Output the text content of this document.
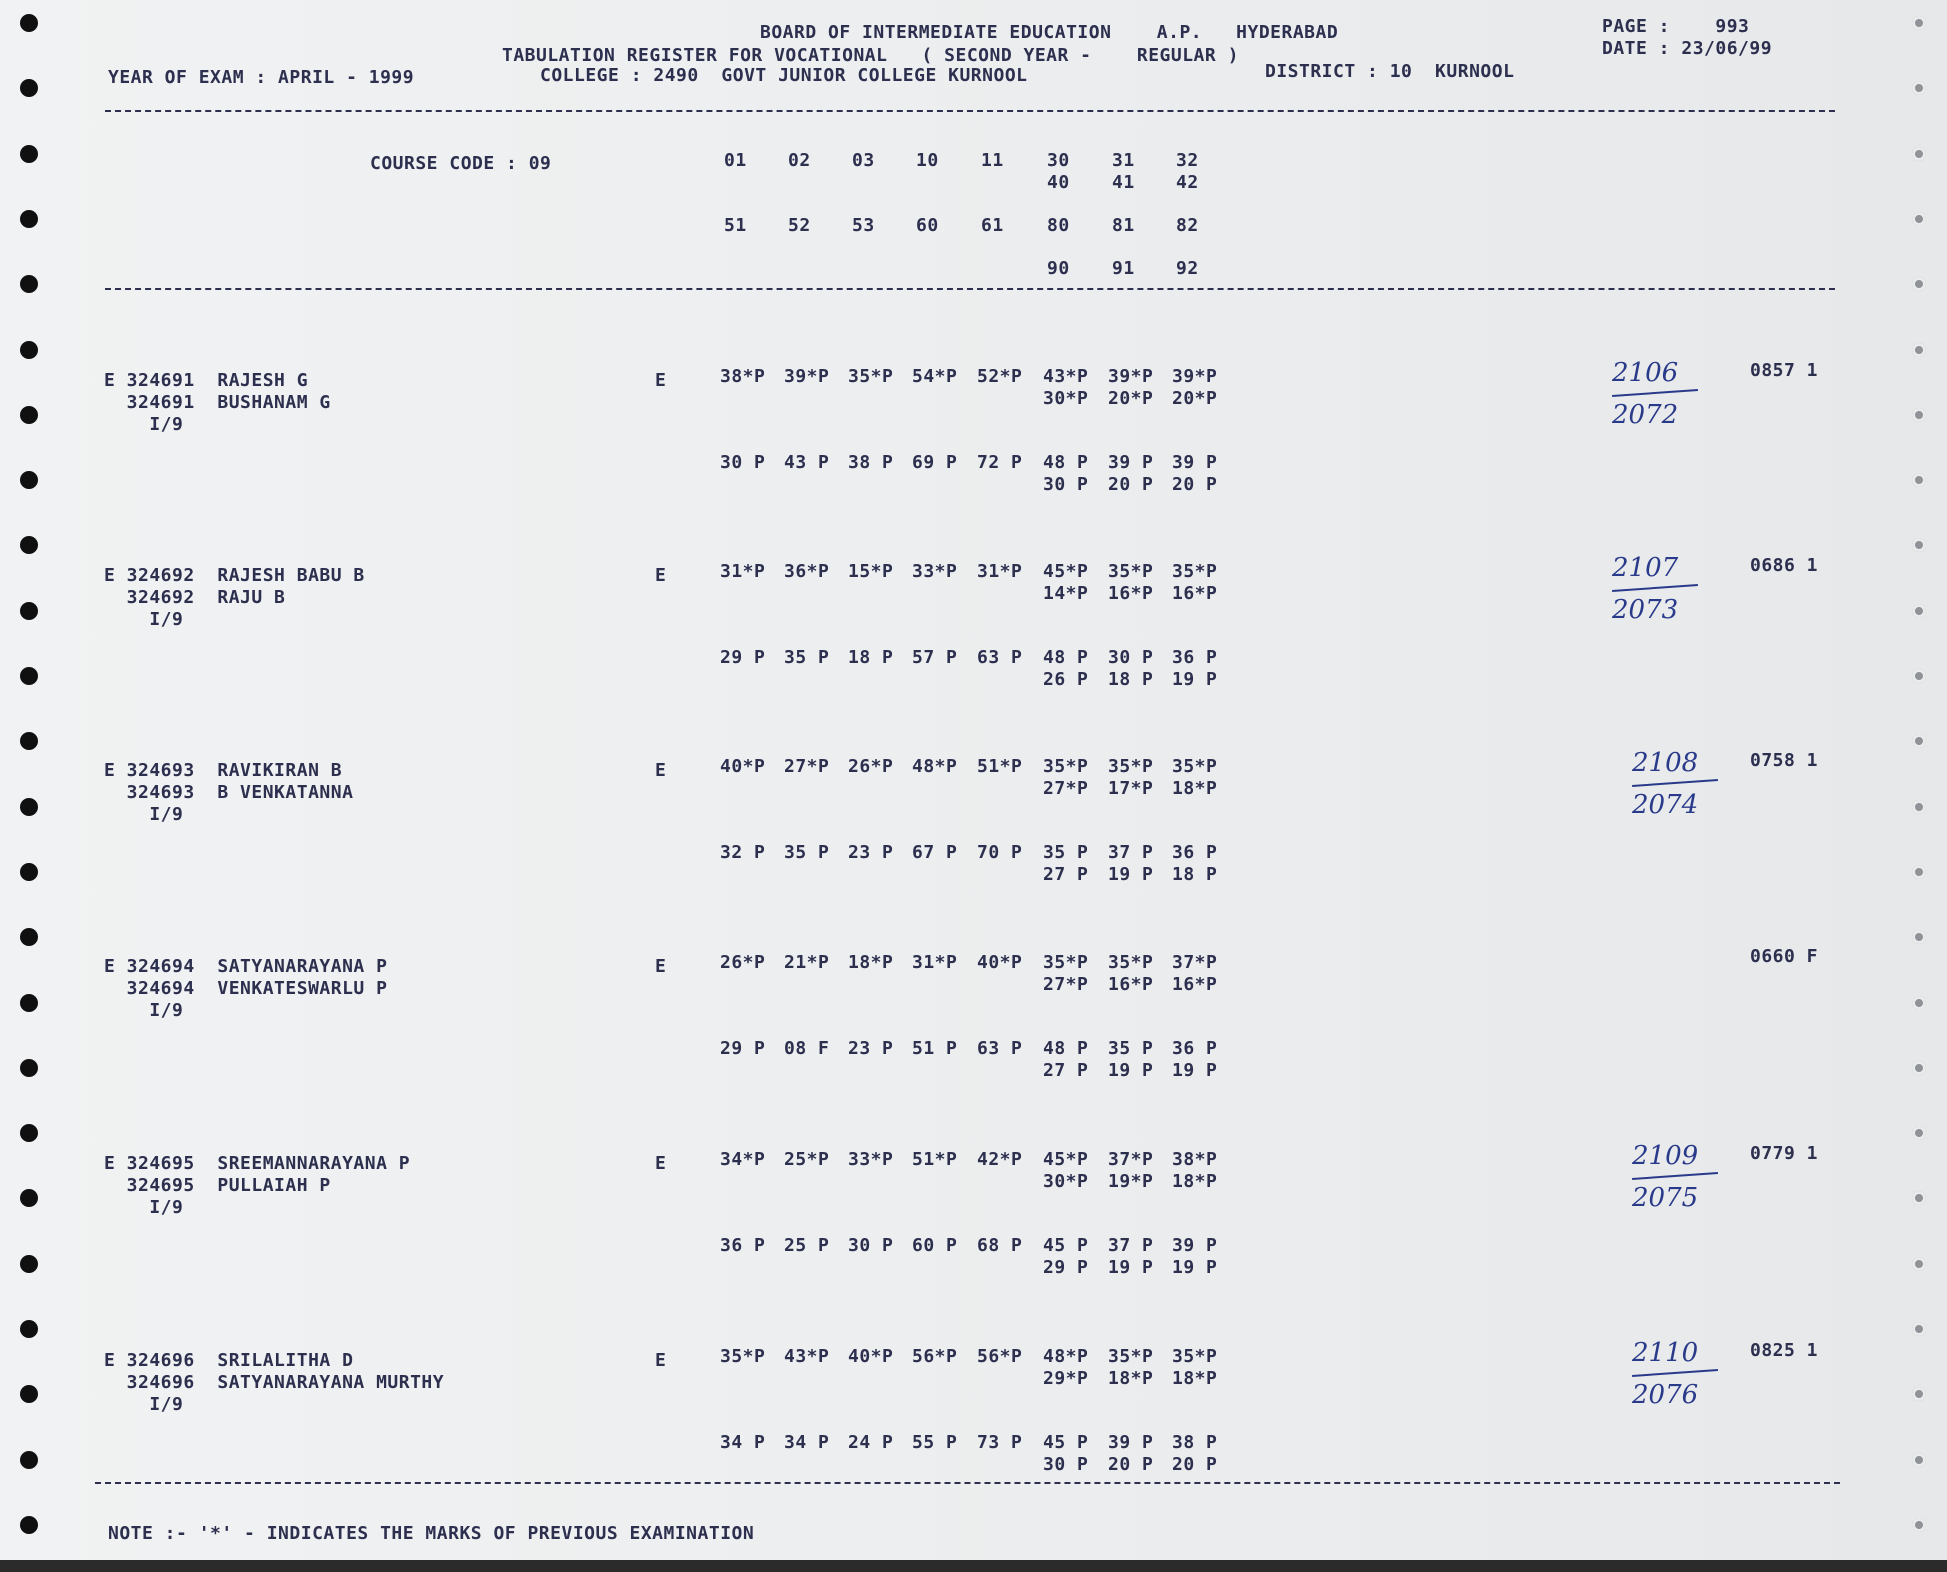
BOARD OF INTERMEDIATE EDUCATION    A.P.   HYDERABAD
TABULATION REGISTER FOR VOCATIONAL   ( SECOND YEAR -    REGULAR )
YEAR OF EXAM : APRIL - 1999	COLLEGE : 2490  GOVT JUNIOR COLLEGE KURNOOL	DISTRICT : 10  KURNOOL
PAGE :    993
DATE : 23/06/99
COURSE CODE : 09	01 02 03 10 11 30 31 32
40 41 42
51 52 53 60 61 80 81 82
90 91 92
E 324691  RAJESH G
324691  BUSHANAM G
I/9
E	38*P 39*P 35*P 54*P 52*P 43*P 39*P 39*P
30*P 20*P 20*P
30 P 43 P 38 P 69 P 72 P 48 P 39 P 39 P
30 P 20 P 20 P
0857 1
2106
2072
E 324692  RAJESH BABU B
324692  RAJU B
I/9
E	31*P 36*P 15*P 33*P 31*P 45*P 35*P 35*P
14*P 16*P 16*P
29 P 35 P 18 P 57 P 63 P 48 P 30 P 36 P
26 P 18 P 19 P
0686 1
2107
2073
E 324693  RAVIKIRAN B
324693  B VENKATANNA
I/9
E	40*P 27*P 26*P 48*P 51*P 35*P 35*P 35*P
27*P 17*P 18*P
32 P 35 P 23 P 67 P 70 P 35 P 37 P 36 P
27 P 19 P 18 P
0758 1
2108
2074
E 324694  SATYANARAYANA P
324694  VENKATESWARLU P
I/9
E	26*P 21*P 18*P 31*P 40*P 35*P 35*P 37*P
27*P 16*P 16*P
29 P 08 F 23 P 51 P 63 P 48 P 35 P 36 P
27 P 19 P 19 P
0660 F
E 324695  SREEMANNARAYANA P
324695  PULLAIAH P
I/9
E	34*P 25*P 33*P 51*P 42*P 45*P 37*P 38*P
30*P 19*P 18*P
36 P 25 P 30 P 60 P 68 P 45 P 37 P 39 P
29 P 19 P 19 P
0779 1
2109
2075
E 324696  SRILALITHA D
324696  SATYANARAYANA MURTHY
I/9
E	35*P 43*P 40*P 56*P 56*P 48*P 35*P 35*P
29*P 18*P 18*P
34 P 34 P 24 P 55 P 73 P 45 P 39 P 38 P
30 P 20 P 20 P
0825 1
2110
2076
NOTE :- '*' - INDICATES THE MARKS OF PREVIOUS EXAMINATION
